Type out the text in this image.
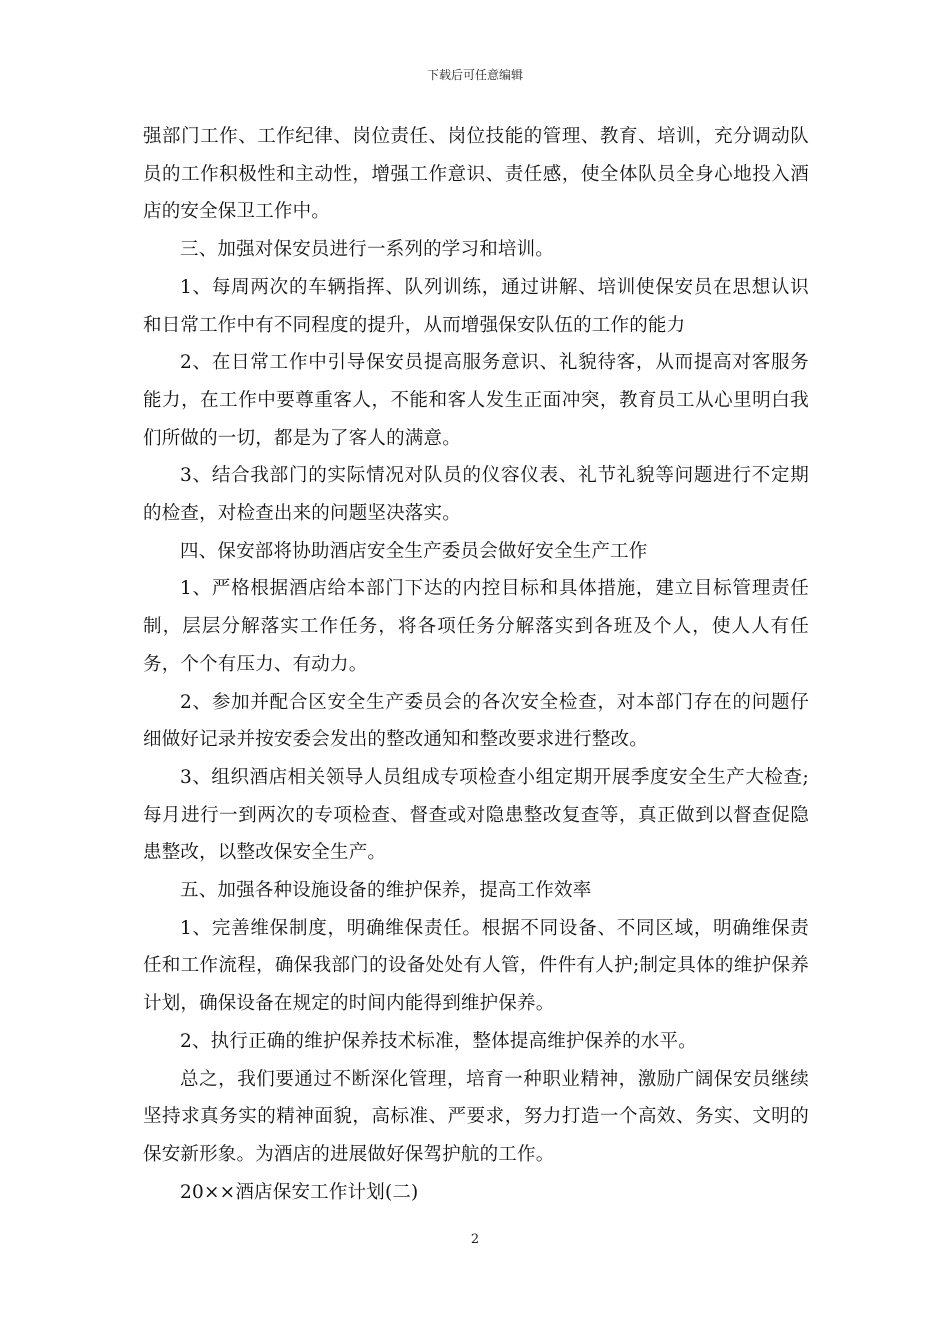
下载后可任意编辑

强部门工作、工作纪律、岗位责任、岗位技能的管理、教育、培训，充分调动队员的工作积极性和主动性，增强工作意识、责任感，使全体队员全身心地投入酒店的安全保卫工作中。

三、加强对保安员进行一系列的学习和培训。

1、每周两次的车辆指挥、队列训练，通过讲解、培训使保安员在思想认识和日常工作中有不同程度的提升，从而增强保安队伍的工作的能力

2、在日常工作中引导保安员提高服务意识、礼貌待客，从而提高对客服务能力，在工作中要尊重客人，不能和客人发生正面冲突，教育员工从心里明白我们所做的一切，都是为了客人的满意。

3、结合我部门的实际情况对队员的仪容仪表、礼节礼貌等问题进行不定期的检查，对检查出来的问题坚决落实。

四、保安部将协助酒店安全生产委员会做好安全生产工作

1、严格根据酒店给本部门下达的内控目标和具体措施，建立目标管理责任制，层层分解落实工作任务，将各项任务分解落实到各班及个人，使人人有任务，个个有压力、有动力。

2、参加并配合区安全生产委员会的各次安全检查，对本部门存在的问题仔细做好记录并按安委会发出的整改通知和整改要求进行整改。

3、组织酒店相关领导人员组成专项检查小组定期开展季度安全生产大检查;每月进行一到两次的专项检查、督查或对隐患整改复查等，真正做到以督查促隐患整改，以整改保安全生产。

五、加强各种设施设备的维护保养，提高工作效率

1、完善维保制度，明确维保责任。根据不同设备、不同区域，明确维保责任和工作流程，确保我部门的设备处处有人管，件件有人护;制定具体的维护保养计划，确保设备在规定的时间内能得到维护保养。

2、执行正确的维护保养技术标准，整体提高维护保养的水平。

总之，我们要通过不断深化管理，培育一种职业精神，激励广阔保安员继续坚持求真务实的精神面貌，高标准、严要求，努力打造一个高效、务实、文明的保安新形象。为酒店的进展做好保驾护航的工作。

20××酒店保安工作计划(二)

2
